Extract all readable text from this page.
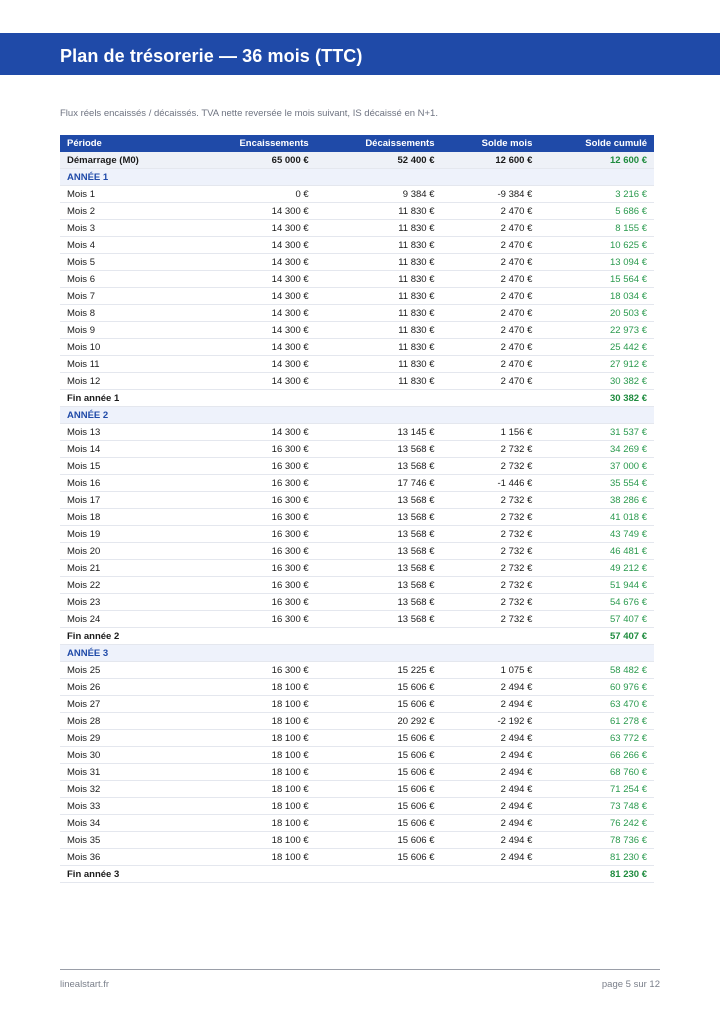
Plan de trésorerie — 36 mois (TTC)
Flux réels encaissés / décaissés. TVA nette reversée le mois suivant, IS décaissé en N+1.
Période	Encaissements	Décaissements	Solde mois	Solde cumulé
Démarrage (M0)	65 000 €	52 400 €	12 600 €	12 600 €
ANNÉE 1				
Mois 1	0 €	9 384 €	-9 384 €	3 216 €
Mois 2	14 300 €	11 830 €	2 470 €	5 686 €
Mois 3	14 300 €	11 830 €	2 470 €	8 155 €
Mois 4	14 300 €	11 830 €	2 470 €	10 625 €
Mois 5	14 300 €	11 830 €	2 470 €	13 094 €
Mois 6	14 300 €	11 830 €	2 470 €	15 564 €
Mois 7	14 300 €	11 830 €	2 470 €	18 034 €
Mois 8	14 300 €	11 830 €	2 470 €	20 503 €
Mois 9	14 300 €	11 830 €	2 470 €	22 973 €
Mois 10	14 300 €	11 830 €	2 470 €	25 442 €
Mois 11	14 300 €	11 830 €	2 470 €	27 912 €
Mois 12	14 300 €	11 830 €	2 470 €	30 382 €
Fin année 1				30 382 €
ANNÉE 2				
Mois 13	14 300 €	13 145 €	1 156 €	31 537 €
Mois 14	16 300 €	13 568 €	2 732 €	34 269 €
Mois 15	16 300 €	13 568 €	2 732 €	37 000 €
Mois 16	16 300 €	17 746 €	-1 446 €	35 554 €
Mois 17	16 300 €	13 568 €	2 732 €	38 286 €
Mois 18	16 300 €	13 568 €	2 732 €	41 018 €
Mois 19	16 300 €	13 568 €	2 732 €	43 749 €
Mois 20	16 300 €	13 568 €	2 732 €	46 481 €
Mois 21	16 300 €	13 568 €	2 732 €	49 212 €
Mois 22	16 300 €	13 568 €	2 732 €	51 944 €
Mois 23	16 300 €	13 568 €	2 732 €	54 676 €
Mois 24	16 300 €	13 568 €	2 732 €	57 407 €
Fin année 2				57 407 €
ANNÉE 3				
Mois 25	16 300 €	15 225 €	1 075 €	58 482 €
Mois 26	18 100 €	15 606 €	2 494 €	60 976 €
Mois 27	18 100 €	15 606 €	2 494 €	63 470 €
Mois 28	18 100 €	20 292 €	-2 192 €	61 278 €
Mois 29	18 100 €	15 606 €	2 494 €	63 772 €
Mois 30	18 100 €	15 606 €	2 494 €	66 266 €
Mois 31	18 100 €	15 606 €	2 494 €	68 760 €
Mois 32	18 100 €	15 606 €	2 494 €	71 254 €
Mois 33	18 100 €	15 606 €	2 494 €	73 748 €
Mois 34	18 100 €	15 606 €	2 494 €	76 242 €
Mois 35	18 100 €	15 606 €	2 494 €	78 736 €
Mois 36	18 100 €	15 606 €	2 494 €	81 230 €
Fin année 3				81 230 €
linealstart.fr	page 5 sur 12
